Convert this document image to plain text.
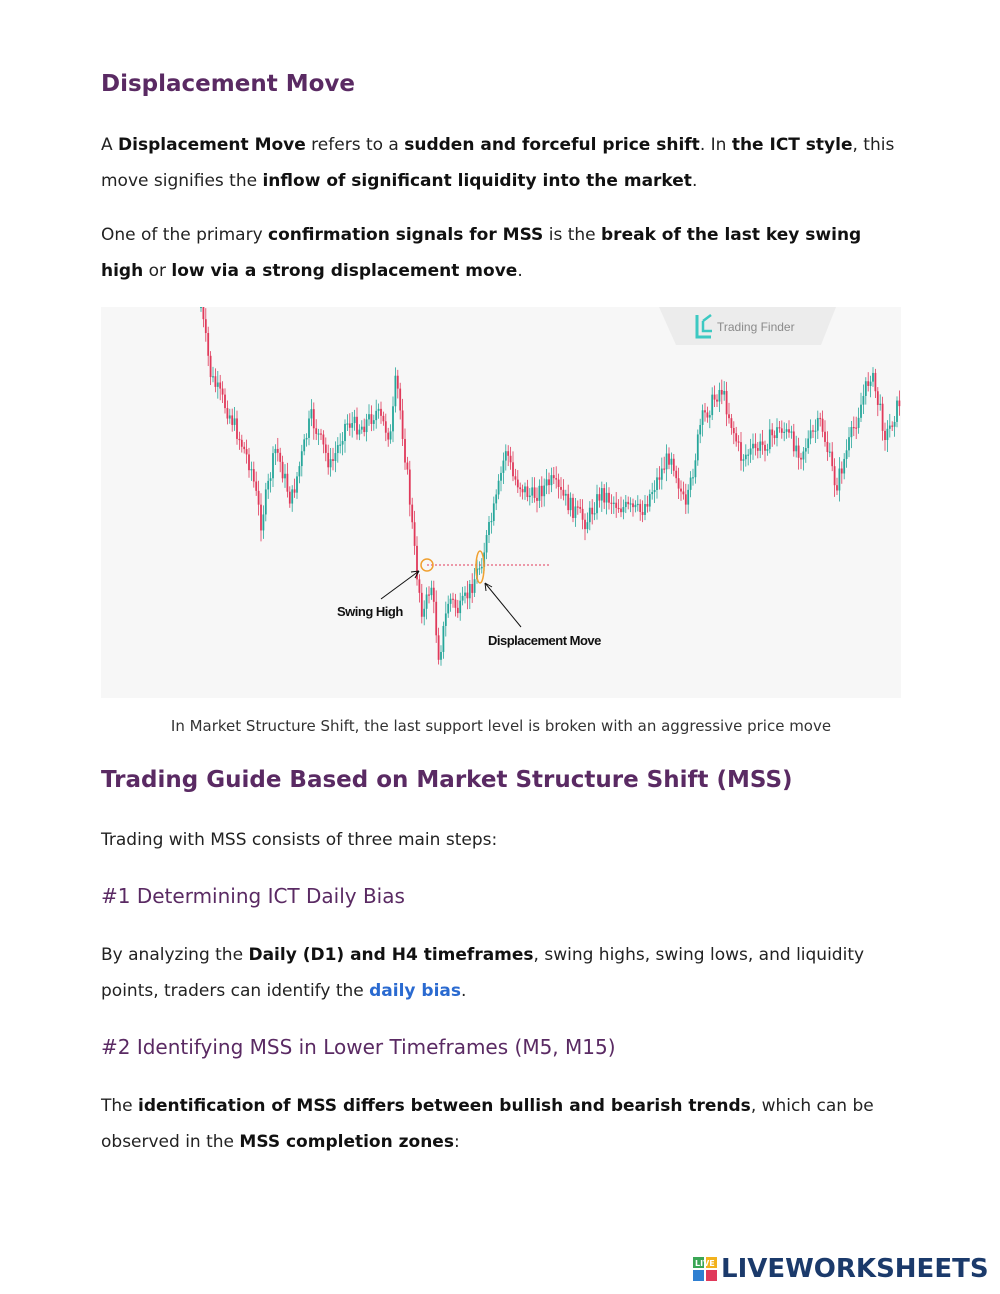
Displacement Move

A Displacement Move refers to a sudden and forceful price shift. In the ICT style, this move signifies the inflow of significant liquidity into the market.

One of the primary confirmation signals for MSS is the break of the last key swing high or low via a strong displacement move.

Trading Finder
Swing High
Displacement Move
In Market Structure Shift, the last support level is broken with an aggressive price move
Trading Guide Based on Market Structure Shift (MSS)

Trading with MSS consists of three main steps:

#1 Determining ICT Daily Bias

By analyzing the Daily (D1) and H4 timeframes, swing highs, swing lows, and liquidity points, traders can identify the daily bias.

#2 Identifying MSS in Lower Timeframes (M5, M15)

The identification of MSS differs between bullish and bearish trends, which can be observed in the MSS completion zones:

LIVE LIVEWORKSHEETS
